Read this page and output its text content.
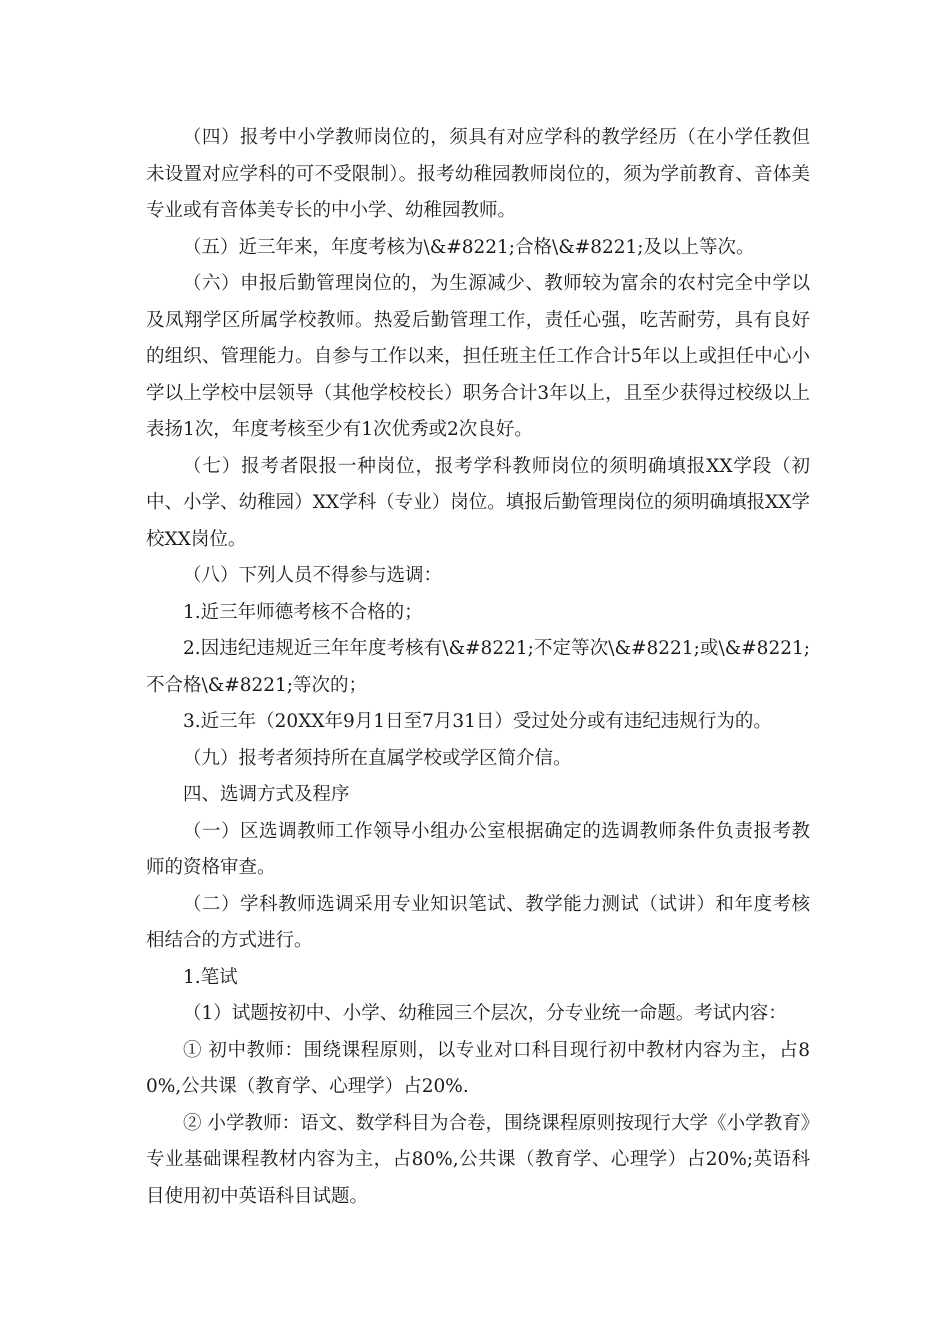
（四）报考中小学教师岗位的，须具有对应学科的教学经历（在小学任教但未设置对应学科的可不受限制）。报考幼稚园教师岗位的，须为学前教育、音体美专业或有音体美专长的中小学、幼稚园教师。

（五）近三年来，年度考核为\&#8221;合格\&#8221;及以上等次。

（六）申报后勤管理岗位的，为生源减少、教师较为富余的农村完全中学以及凤翔学区所属学校教师。热爱后勤管理工作，责任心强，吃苦耐劳，具有良好的组织、管理能力。自参与工作以来，担任班主任工作合计5年以上或担任中心小学以上学校中层领导（其他学校校长）职务合计3年以上，且至少获得过校级以上表扬1次，年度考核至少有1次优秀或2次良好。

（七）报考者限报一种岗位，报考学科教师岗位的须明确填报XX学段（初中、小学、幼稚园）XX学科（专业）岗位。填报后勤管理岗位的须明确填报XX学校XX岗位。

（八）下列人员不得参与选调：

1.近三年师德考核不合格的；

2.因违纪违规近三年年度考核有\&#8221;不定等次\&#8221;或\&#8221;不合格\&#8221;等次的；

3.近三年（20XX年9月1日至7月31日）受过处分或有违纪违规行为的。

（九）报考者须持所在直属学校或学区简介信。

四、选调方式及程序

（一）区选调教师工作领导小组办公室根据确定的选调教师条件负责报考教师的资格审查。

（二）学科教师选调采用专业知识笔试、教学能力测试（试讲）和年度考核相结合的方式进行。

1.笔试

（1）试题按初中、小学、幼稚园三个层次，分专业统一命题。考试内容：

① 初中教师：围绕课程原则，以专业对口科目现行初中教材内容为主，占80%,公共课（教育学、心理学）占20%.

② 小学教师：语文、数学科目为合卷，围绕课程原则按现行大学《小学教育》专业基础课程教材内容为主，占80%,公共课（教育学、心理学）占20%;英语科目使用初中英语科目试题。
